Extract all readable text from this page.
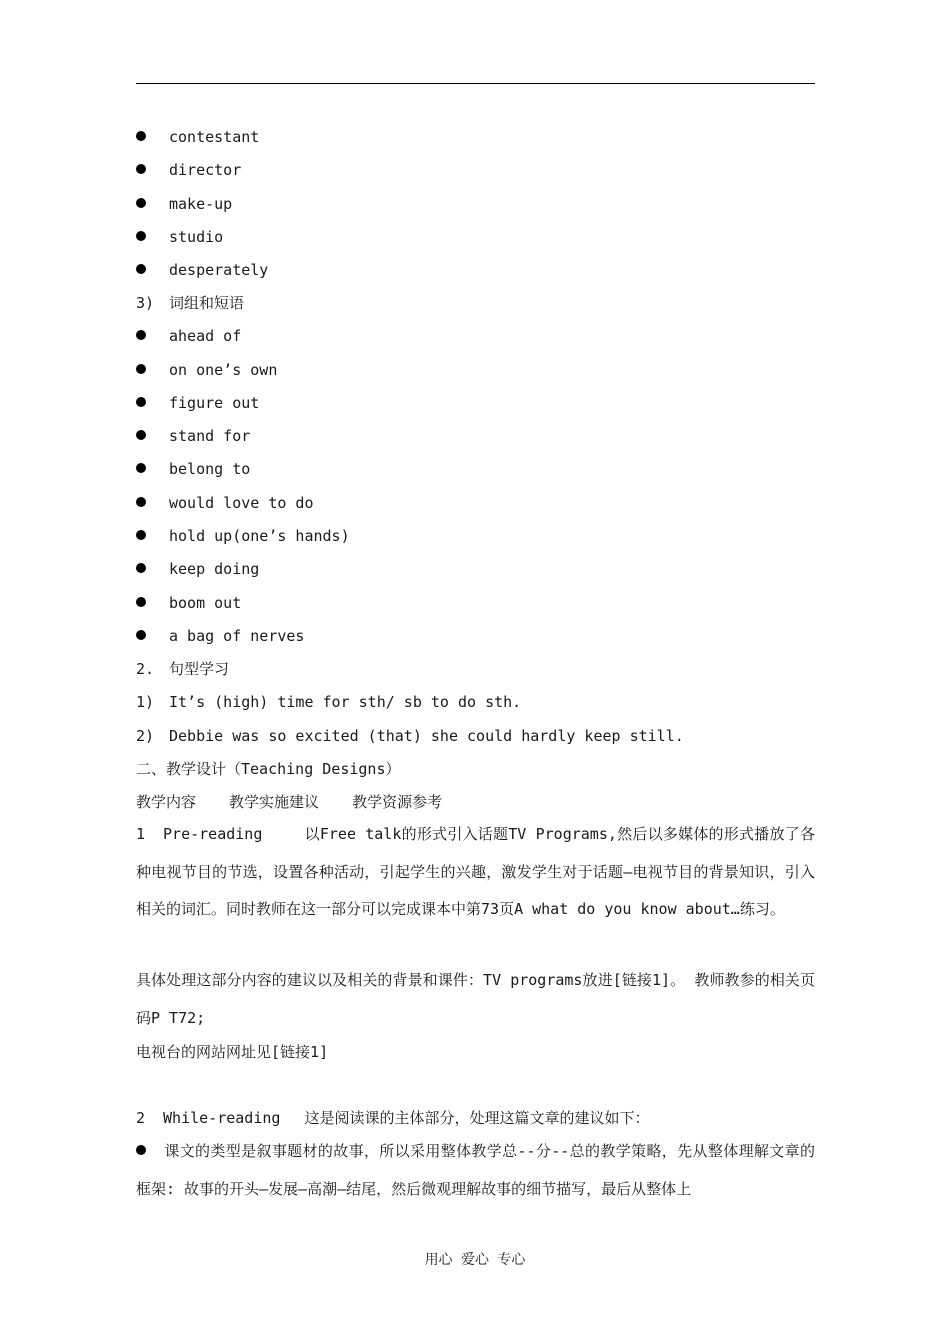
contestant
director
make-up
studio
desperately
3) 词组和短语
ahead of
on one’s own
figure out
stand for
belong to
would love to do
hold up(one’s hands)
keep doing
boom out
a bag of nerves
2. 句型学习
1) It’s (high) time for sth/ sb to do sth.
2) Debbie was so excited (that) she could hardly keep still.
二、教学设计（Teaching Designs）
教学内容 教学实施建议 教学资源参考
1 Pre-reading	以Free talk的形式引入话题TV Programs,然后以多媒体的形式播放了各种电视节目的节选，设置各种活动，引起学生的兴趣，激发学生对于话题—电视节目的背景知识，引入相关的词汇。同时教师在这一部分可以完成课本中第73页A what do you know about…练习。
具体处理这部分内容的建议以及相关的背景和课件：TV programs放进[链接1]。 教师教参的相关页码P T72;
电视台的网站网址见[链接1]
2 While-reading 这是阅读课的主体部分，处理这篇文章的建议如下：
课文的类型是叙事题材的故事，所以采用整体教学总--分--总的教学策略，先从整体理解文章的框架: 故事的开头—发展—高潮—结尾，然后微观理解故事的细节描写，最后从整体上
用心 爱心 专心
